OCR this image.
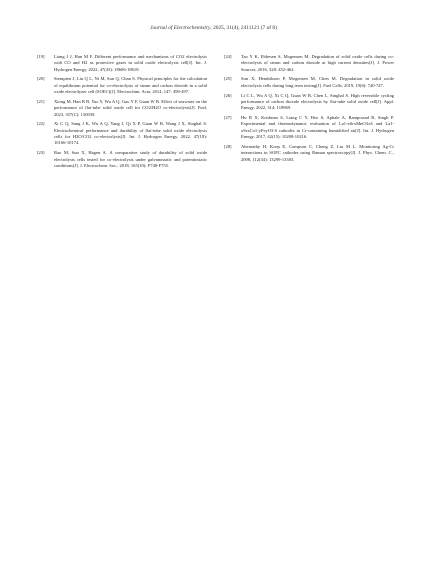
Journal of Electrochemistry, 2025, 31(4), 2411121 (7 of 8)
[19] Liang J J, Han M F. Different performance and mechanisms of CO2 electrolysis with CO and H2 as protective gases in solid oxide electrolysis cell[J]. Int. J. Hydrogen Energy, 2022, 47(43): 18606-18618.
[20] Stempien J, Liu Q L, Ni M, Sun Q, Chan S. Physical principles for the calculation of equilibrium potential for co-electrolysis of steam and carbon dioxide in a solid oxide electrolyzer cell (SOEC)[J]. Electrochim. Acta, 2014, 147: 490-497.
[21] Xiong M, Han B B, Yao Y, Wu A Q, Gao Y F, Guan W B. Effect of seawater on the performance of flat-tube solid oxide cell for CO2/H2O co-electrolysis[J]. Fuel, 2023, 357(C): 130039.
[22] Xi C Q, Sang J K, Wu A Q, Yang J, Qi X P, Guan W B, Wang J X, Singhal S. Electrochemical performance and durability of flat-tube solid oxide electrolysis cells for H2O/CO2 co-electrolysis[J]. Int. J. Hydrogen Energy, 2022, 47(18): 10166-10174.
[23] Rao M, Sun X, Hagen A. A comparative study of durability of solid oxide electrolysis cells tested for co-electrolysis under galvanostatic and potentiostatic conditions[J]. J. Electrochem. Soc., 2018, 165(10): F748-F755.
[24] Tao Y K, Ebbesen S, Mogensen M. Degradation of solid oxide cells during co-electrolysis of steam and carbon dioxide at high current densities[J]. J. Power Sources, 2016, 328: 452-462.
[25] Sun X, Hendriksen P, Mogensen M, Chen M. Degradation in solid oxide electrolysis cells during long term testing[J]. Fuel Cells, 2019, 19(6): 740-747.
[26] Li C L, Wu A Q, Xi C Q, Guan W B, Chen L, Singhal S. High reversible cycling performance of carbon dioxide electrolysis by flat-tube solid oxide cell[J]. Appl. Energy, 2022, 314: 118969.
[27] Hu B X, Krishnan S, Liang C Y, Heo S, Aphale A, Ramprasad R, Singh P. Experimental and thermodynamic evaluation of La1-xSrxMnO3±δ and La1-xSrxCo1-yFeyO3-δ cathodes in Cr-containing humidified air[J]. Int. J. Hydrogen Energy, 2017, 42(15): 10208-10216.
[28] Abernathy H, Koep E, Compson C, Cheng Z, Liu M L. Monitoring Ag-Cr interactions in SOFC cathodes using Raman spectroscopy[J]. J. Phys. Chem. C., 2008, 112(34): 13299-13303.
